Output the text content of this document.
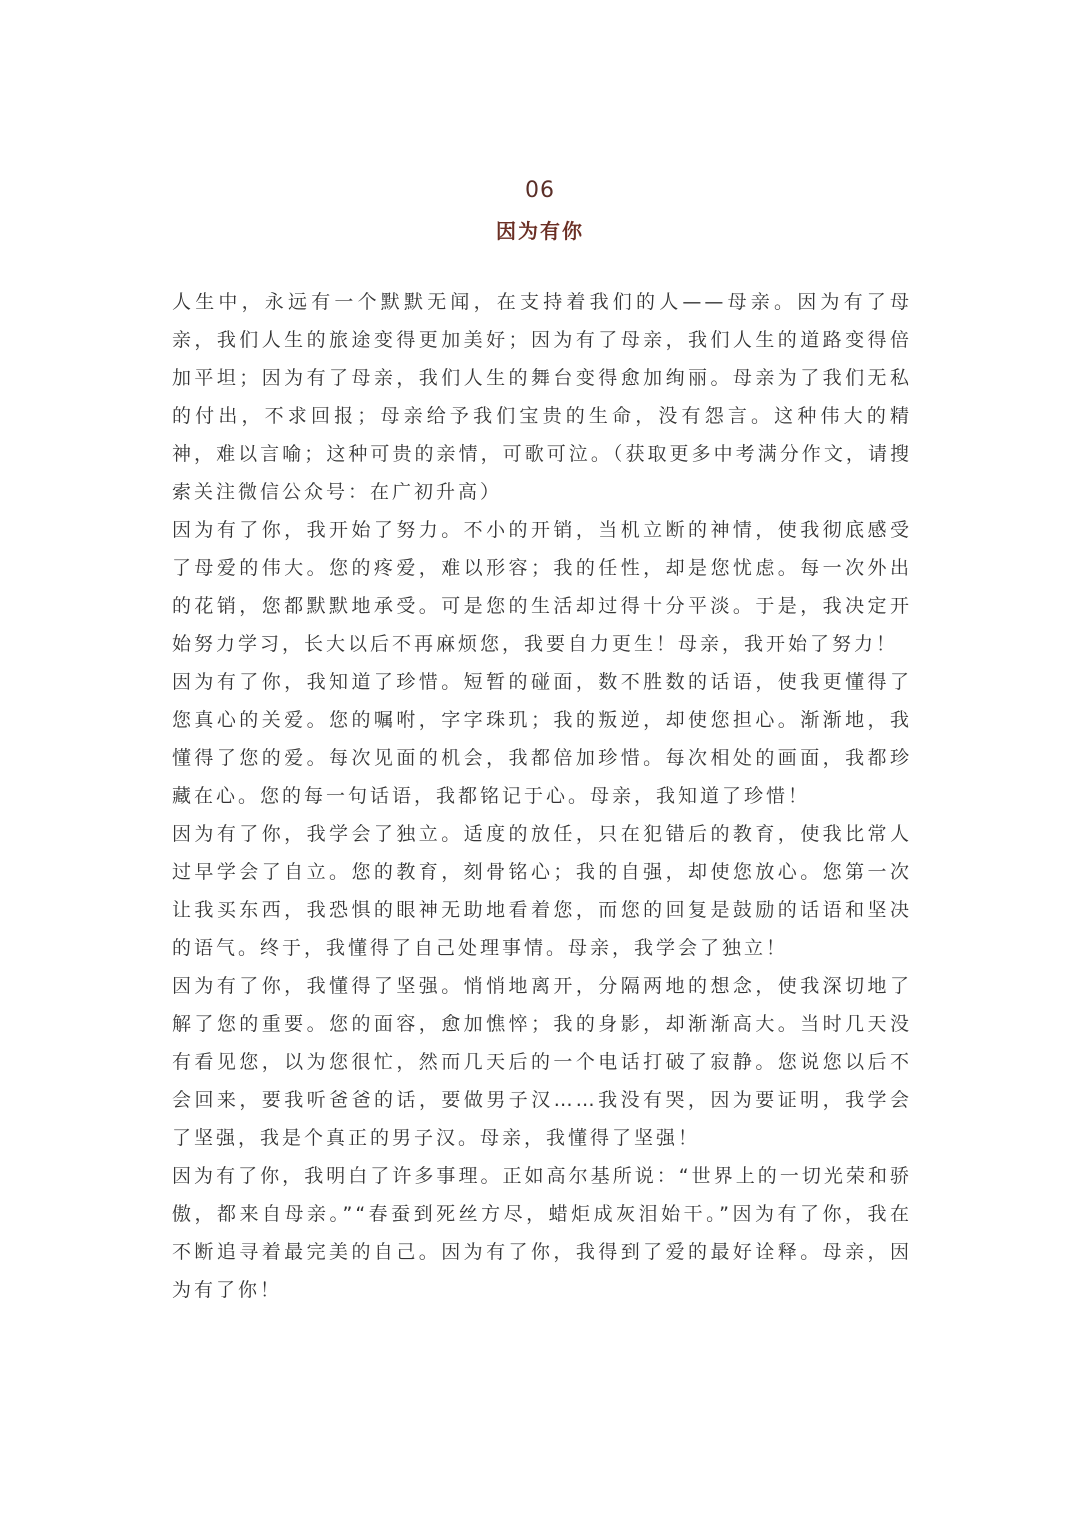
06
因为有你

人生中，永远有一个默默无闻，在支持着我们的人——母亲。因为有了母亲，我们人生的旅途变得更加美好；因为有了母亲，我们人生的道路变得倍加平坦；因为有了母亲，我们人生的舞台变得愈加绚丽。母亲为了我们无私的付出，不求回报；母亲给予我们宝贵的生命，没有怨言。这种伟大的精神，难以言喻；这种可贵的亲情，可歌可泣。（获取更多中考满分作文，请搜索关注微信公众号：在广初升高）

因为有了你，我开始了努力。不小的开销，当机立断的神情，使我彻底感受了母爱的伟大。您的疼爱，难以形容；我的任性，却是您忧虑。每一次外出的花销，您都默默地承受。可是您的生活却过得十分平淡。于是，我决定开始努力学习，长大以后不再麻烦您，我要自力更生！母亲，我开始了努力！

因为有了你，我知道了珍惜。短暂的碰面，数不胜数的话语，使我更懂得了您真心的关爱。您的嘱咐，字字珠玑；我的叛逆，却使您担心。渐渐地，我懂得了您的爱。每次见面的机会，我都倍加珍惜。每次相处的画面，我都珍藏在心。您的每一句话语，我都铭记于心。母亲，我知道了珍惜！

因为有了你，我学会了独立。适度的放任，只在犯错后的教育，使我比常人过早学会了自立。您的教育，刻骨铭心；我的自强，却使您放心。您第一次让我买东西，我恐惧的眼神无助地看着您，而您的回复是鼓励的话语和坚决的语气。终于，我懂得了自己处理事情。母亲，我学会了独立！

因为有了你，我懂得了坚强。悄悄地离开，分隔两地的想念，使我深切地了解了您的重要。您的面容，愈加憔悴；我的身影，却渐渐高大。当时几天没有看见您，以为您很忙，然而几天后的一个电话打破了寂静。您说您以后不会回来，要我听爸爸的话，要做男子汉……我没有哭，因为要证明，我学会了坚强，我是个真正的男子汉。母亲，我懂得了坚强！

因为有了你，我明白了许多事理。正如高尔基所说：“世界上的一切光荣和骄傲，都来自母亲。”“春蚕到死丝方尽，蜡炬成灰泪始干。”因为有了你，我在不断追寻着最完美的自己。因为有了你，我得到了爱的最好诠释。母亲，因为有了你！
